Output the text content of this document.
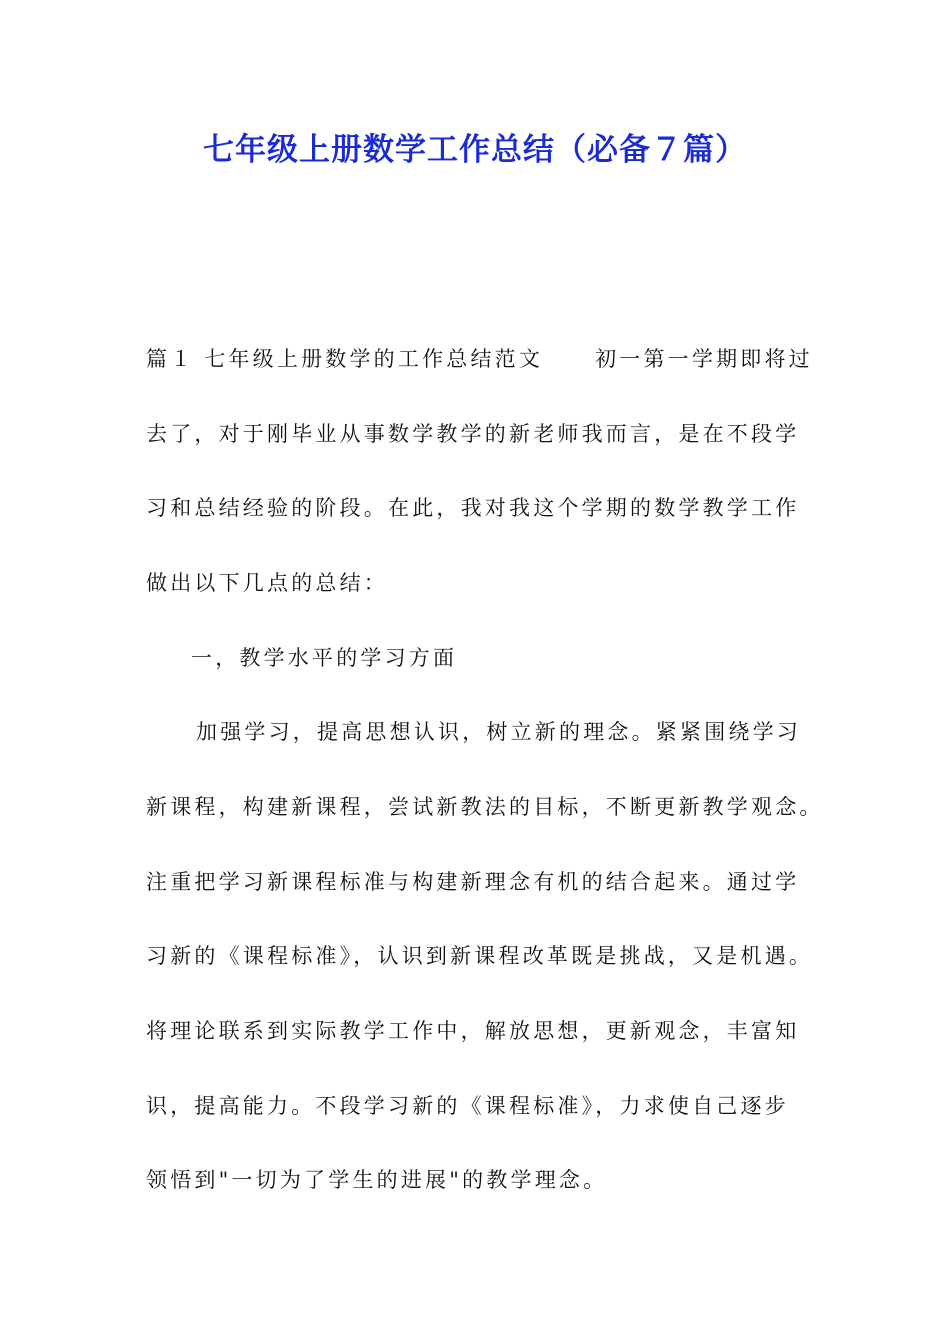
七年级上册数学工作总结（必备７篇）
篇１ 七年级上册数学的工作总结范文 初一第一学期即将过
去了，对于刚毕业从事数学教学的新老师我而言，是在不段学
习和总结经验的阶段。在此，我对我这个学期的数学教学工作
做出以下几点的总结：
一，教学水平的学习方面
加强学习，提高思想认识，树立新的理念。紧紧围绕学习
新课程，构建新课程，尝试新教法的目标，不断更新教学观念。
注重把学习新课程标准与构建新理念有机的结合起来。通过学
习新的《课程标准》，认识到新课程改革既是挑战，又是机遇。
将理论联系到实际教学工作中，解放思想，更新观念，丰富知
识，提高能力。不段学习新的《课程标准》，力求使自己逐步
领悟到"一切为了学生的进展"的教学理念。
